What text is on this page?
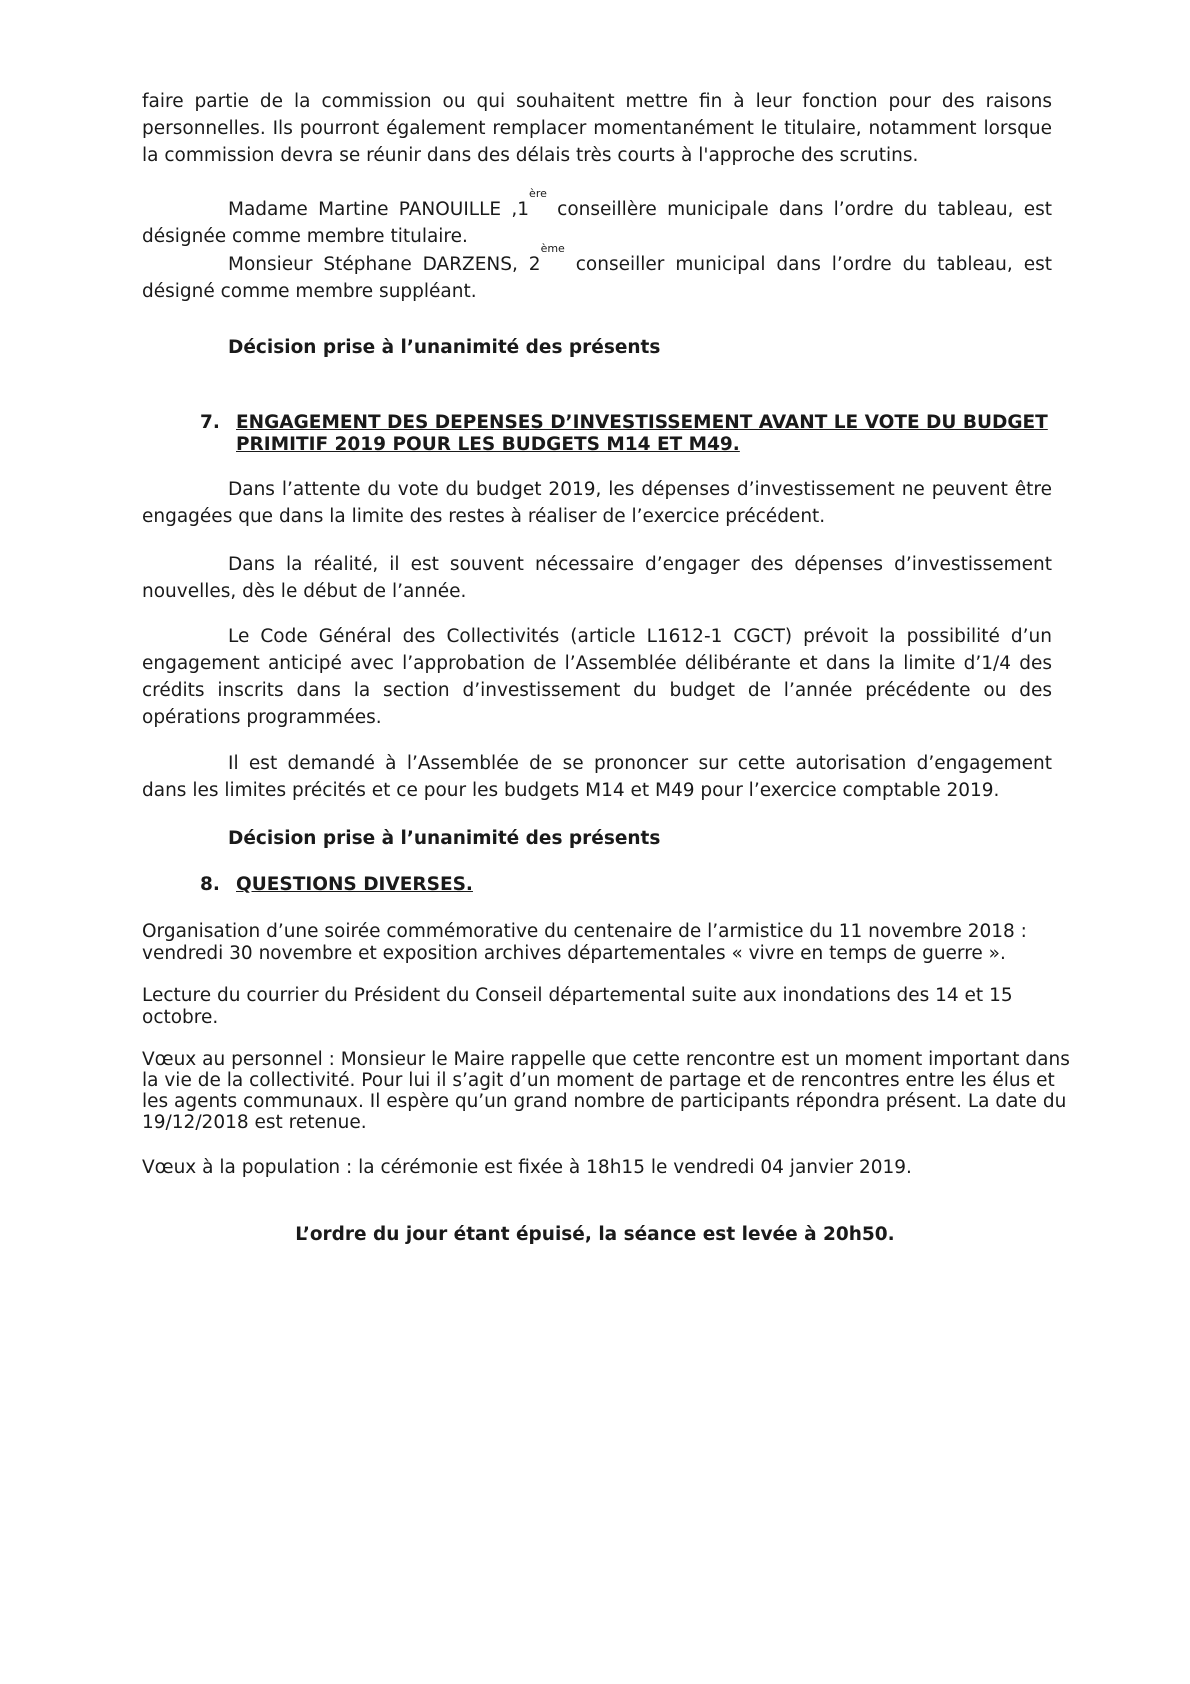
faire partie de la commission ou qui souhaitent mettre fin à leur fonction pour des raisons personnelles. Ils pourront également remplacer momentanément le titulaire, notamment lorsque la commission devra se réunir dans des délais très courts à l'approche des scrutins.

Madame Martine PANOUILLE ,1ère conseillère municipale dans l’ordre du tableau, est désignée comme membre titulaire.

Monsieur Stéphane DARZENS, 2ème conseiller municipal dans l’ordre du tableau, est désigné comme membre suppléant.

Décision prise à l’unanimité des présents

7. ENGAGEMENT DES DEPENSES D’INVESTISSEMENT AVANT LE VOTE DU BUDGET PRIMITIF 2019 POUR LES BUDGETS M14 ET M49.

Dans l’attente du vote du budget 2019, les dépenses d’investissement ne peuvent être engagées que dans la limite des restes à réaliser de l’exercice précédent.

Dans la réalité, il est souvent nécessaire d’engager des dépenses d’investissement nouvelles, dès le début de l’année.

Le Code Général des Collectivités (article L1612-1 CGCT) prévoit la possibilité d’un engagement anticipé avec l’approbation de l’Assemblée délibérante et dans la limite d’1/4 des crédits inscrits dans la section d’investissement du budget de l’année précédente ou des opérations programmées.

Il est demandé à l’Assemblée de se prononcer sur cette autorisation d’engagement dans les limites précités et ce pour les budgets M14 et M49 pour l’exercice comptable 2019.

Décision prise à l’unanimité des présents

8. QUESTIONS DIVERSES.
Organisation d’une soirée commémorative du centenaire de l’armistice du 11 novembre 2018 :
vendredi 30 novembre et exposition archives départementales « vivre en temps de guerre ».
Lecture du courrier du Président du Conseil départemental suite aux inondations des 14 et 15
octobre.
Vœux au personnel : Monsieur le Maire rappelle que cette rencontre est un moment important dans
la vie de la collectivité. Pour lui il s’agit d’un moment de partage et de rencontres entre les élus et
les agents communaux. Il espère qu’un grand nombre de participants répondra présent. La date du
19/12/2018 est retenue.
Vœux à la population : la cérémonie est fixée à 18h15 le vendredi 04 janvier 2019.
L’ordre du jour étant épuisé, la séance est levée à 20h50.
